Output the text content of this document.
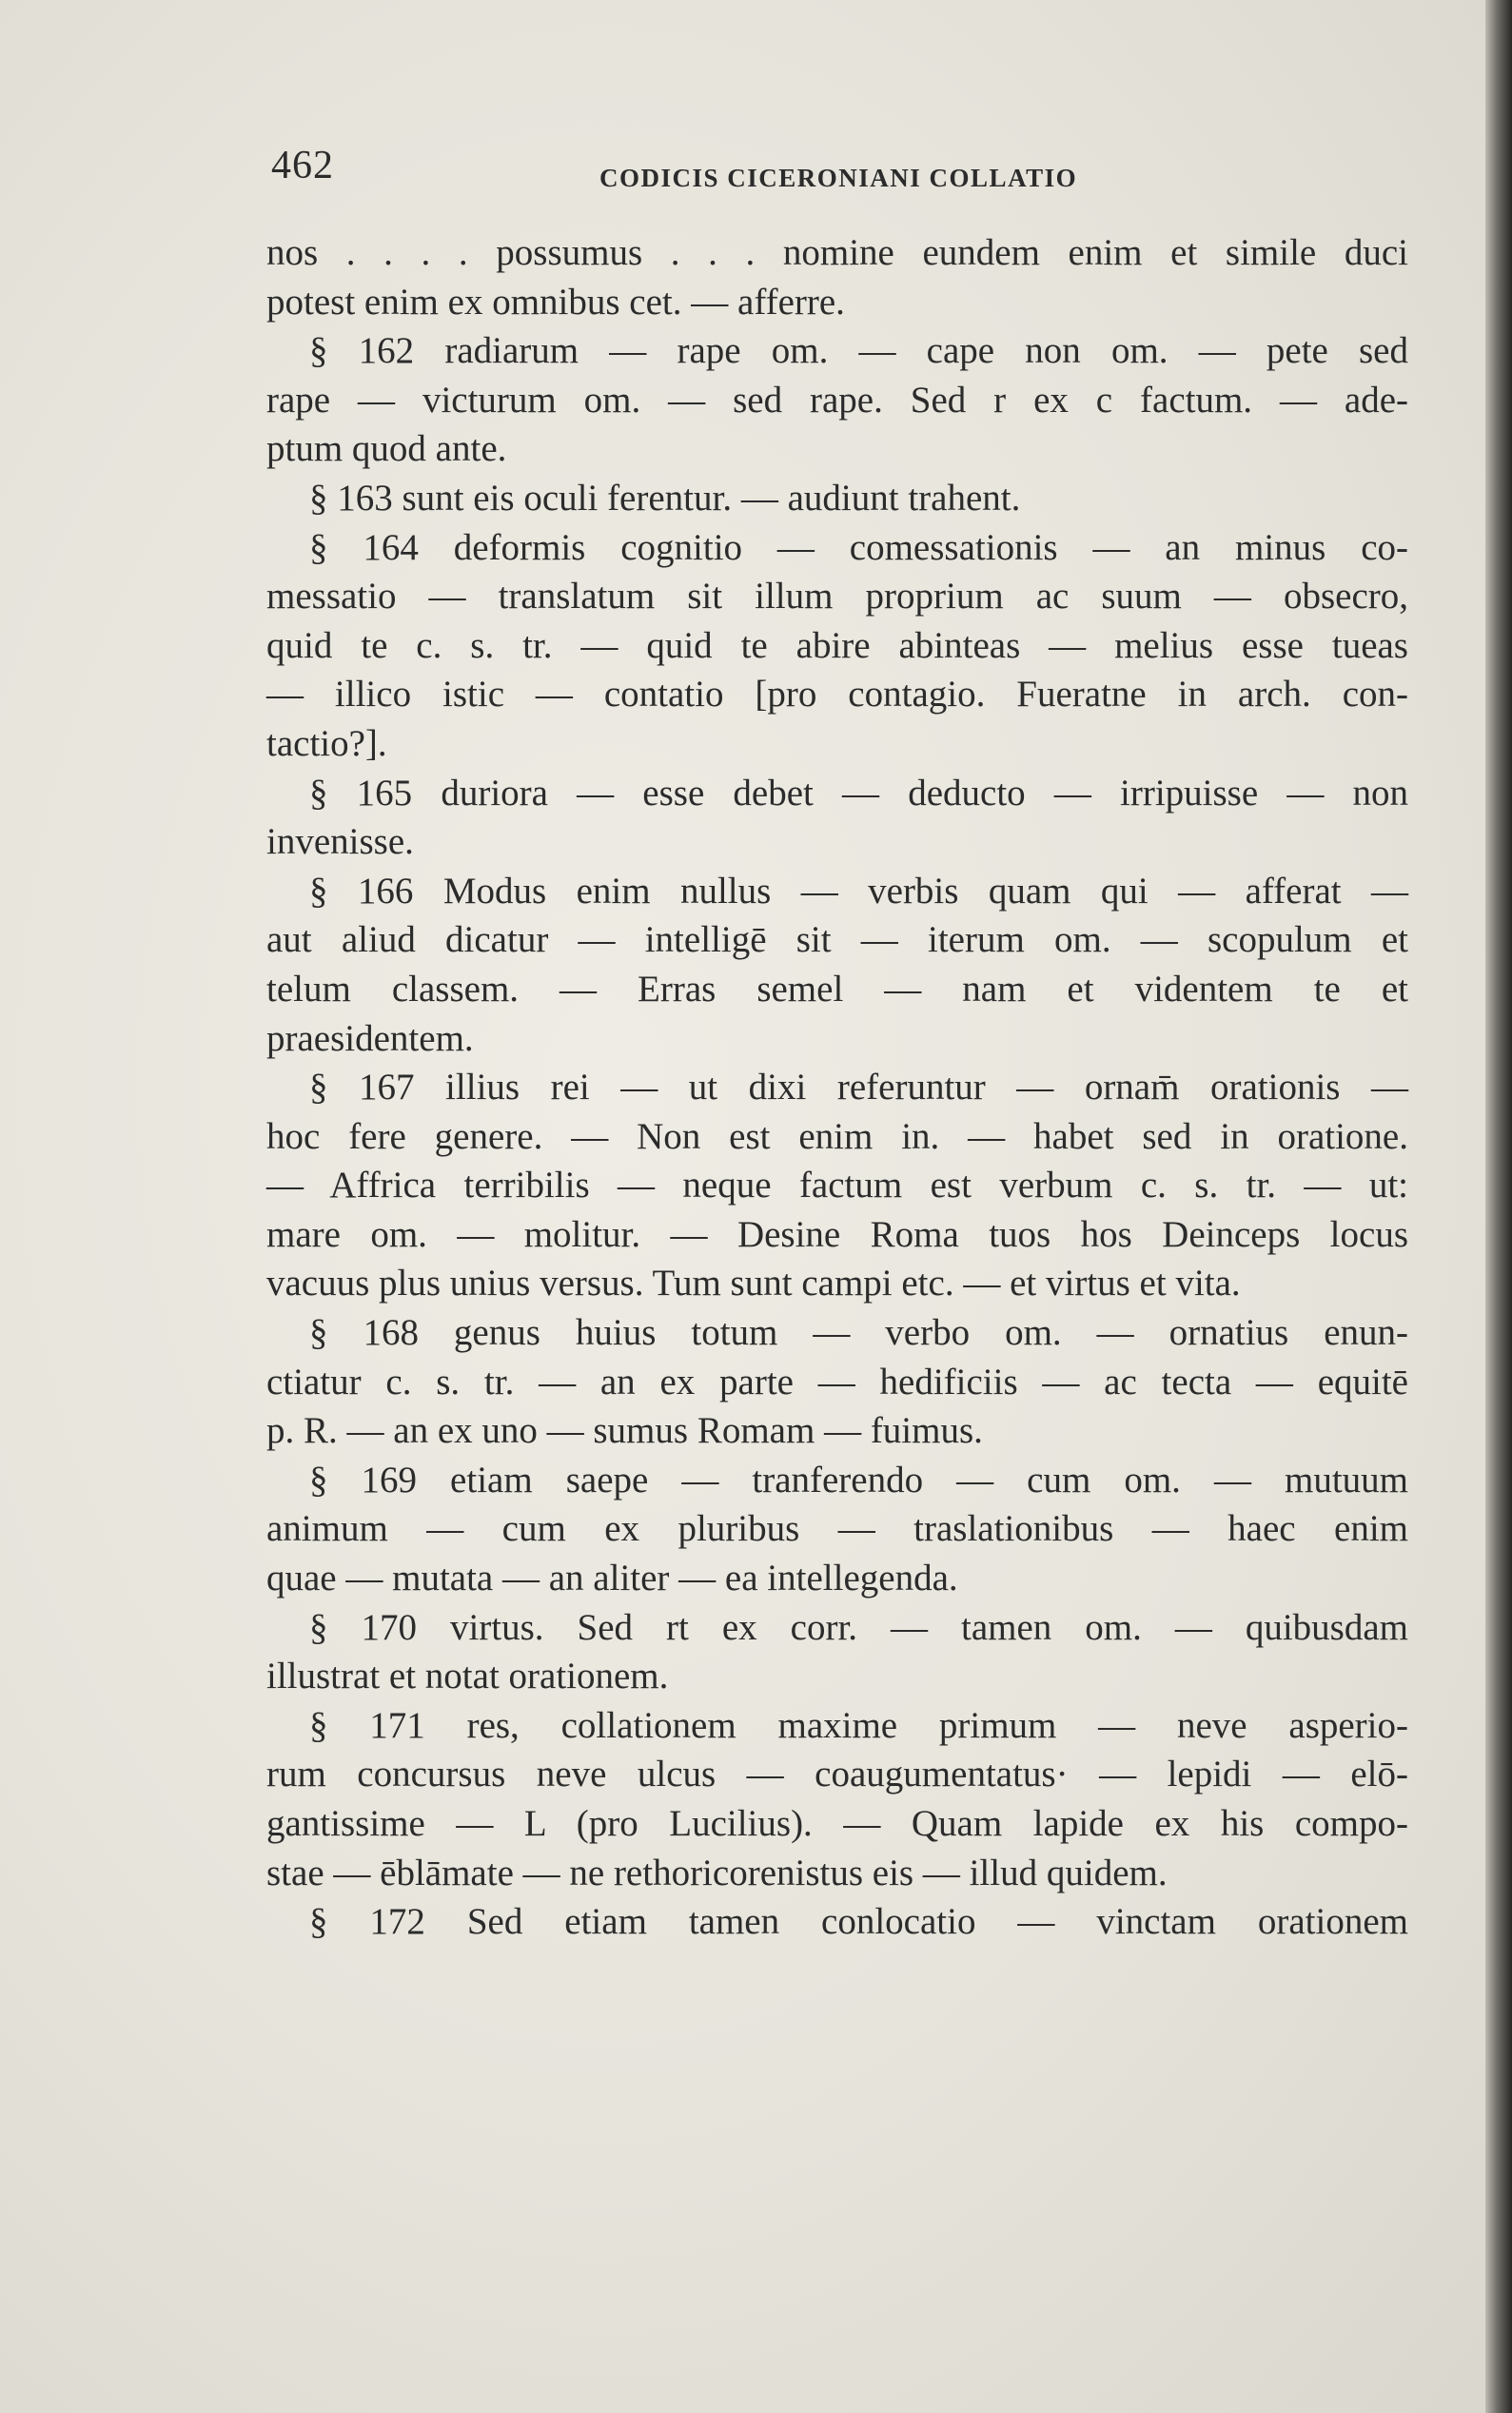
462	CODICIS CICERONIANI COLLATIO
nos . . . . possumus . . . nomine eundem enim et simile duci
potest enim ex omnibus cet. — afferre.
§ 162 radiarum — rape om. — cape non om. — pete sed
rape — victurum om. — sed rape. Sed r ex c factum. — ade-
ptum quod ante.
§ 163 sunt eis oculi ferentur. — audiunt trahent.
§ 164 deformis cognitio — comessationis — an minus co-
messatio — translatum sit illum proprium ac suum — obsecro,
quid te c. s. tr. — quid te abire abinteas — melius esse tueas
— illico istic — contatio [pro contagio. Fueratne in arch. con-
tactio?].
§ 165 duriora — esse debet — deducto — irripuisse — non
invenisse.
§ 166 Modus enim nullus — verbis quam qui — afferat —
aut aliud dicatur — intelligē sit — iterum om. — scopulum et
telum classem. — Erras semel — nam et videntem te et
praesidentem.
§ 167 illius rei — ut dixi referuntur — ornam̄ orationis —
hoc fere genere. — Non est enim in. — habet sed in oratione.
— Affrica terribilis — neque factum est verbum c. s. tr. — ut:
mare om. — molitur. — Desine Roma tuos hos Deinceps locus
vacuus plus unius versus. Tum sunt campi etc. — et virtus et vita.
§ 168 genus huius totum — verbo om. — ornatius enun-
ctiatur c. s. tr. — an ex parte — hedificiis — ac tecta — equitē
p. R. — an ex uno — sumus Romam — fuimus.
§ 169 etiam saepe — tranferendo — cum om. — mutuum
animum — cum ex pluribus — traslationibus — haec enim
quae — mutata — an aliter — ea intellegenda.
§ 170 virtus. Sed rt ex corr. — tamen om. — quibusdam
illustrat et notat orationem.
§ 171 res, collationem maxime primum — neve asperio-
rum concursus neve ulcus — coaugumentatus· — lepidi — elō-
gantissime — L (pro Lucilius). — Quam lapide ex his compo-
stae — ēblāmate — ne rethoricorenistus eis — illud quidem.
§ 172 Sed etiam tamen conlocatio — vinctam orationem
